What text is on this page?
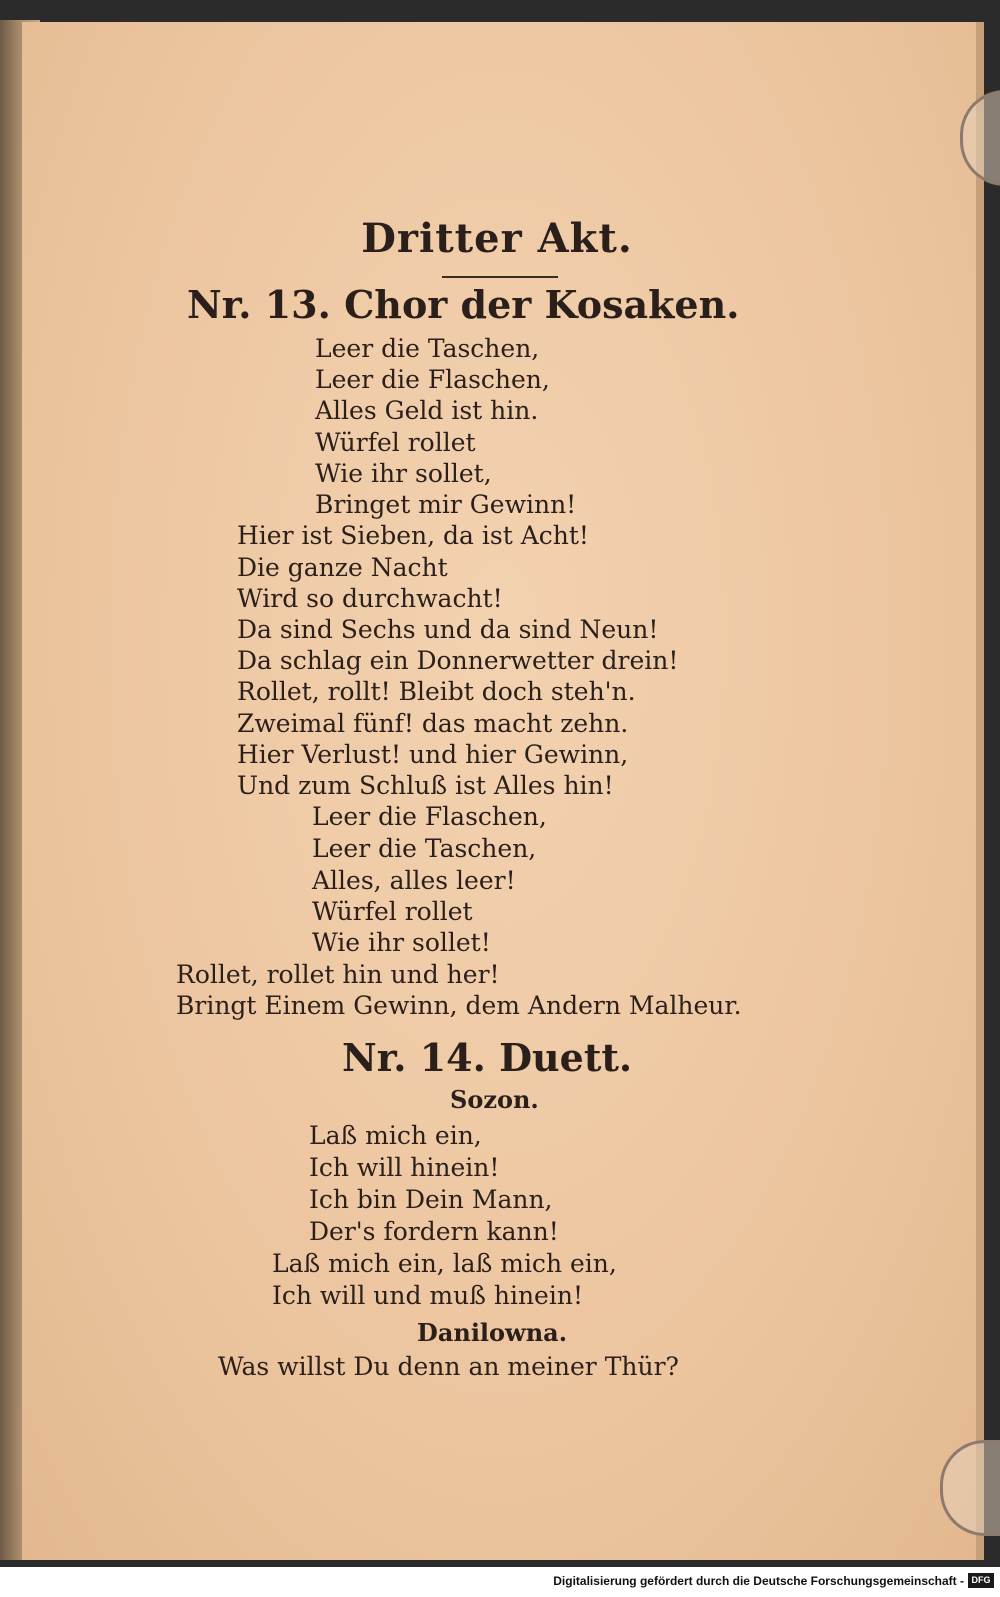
Dritter Akt.
Nr. 13. Chor der Kosaken.
Leer die Taschen,
Leer die Flaschen,
Alles Geld ist hin.
Würfel rollet
Wie ihr sollet,
Bringet mir Gewinn!
Hier ist Sieben, da ist Acht!
Die ganze Nacht
Wird so durchwacht!
Da sind Sechs und da sind Neun!
Da schlag ein Donnerwetter drein!
Rollet, rollt! Bleibt doch steh'n.
Zweimal fünf! das macht zehn.
Hier Verlust! und hier Gewinn,
Und zum Schluß ist Alles hin!
Leer die Flaschen,
Leer die Taschen,
Alles, alles leer!
Würfel rollet
Wie ihr sollet!
Rollet, rollet hin und her!
Bringt Einem Gewinn, dem Andern Malheur.
Nr. 14. Duett.
Sozon.
Laß mich ein,
Ich will hinein!
Ich bin Dein Mann,
Der's fordern kann!
Laß mich ein, laß mich ein,
Ich will und muß hinein!
Danilowna.
Was willst Du denn an meiner Thür?
Digitalisierung gefördert durch die Deutsche Forschungsgemeinschaft - DFG
